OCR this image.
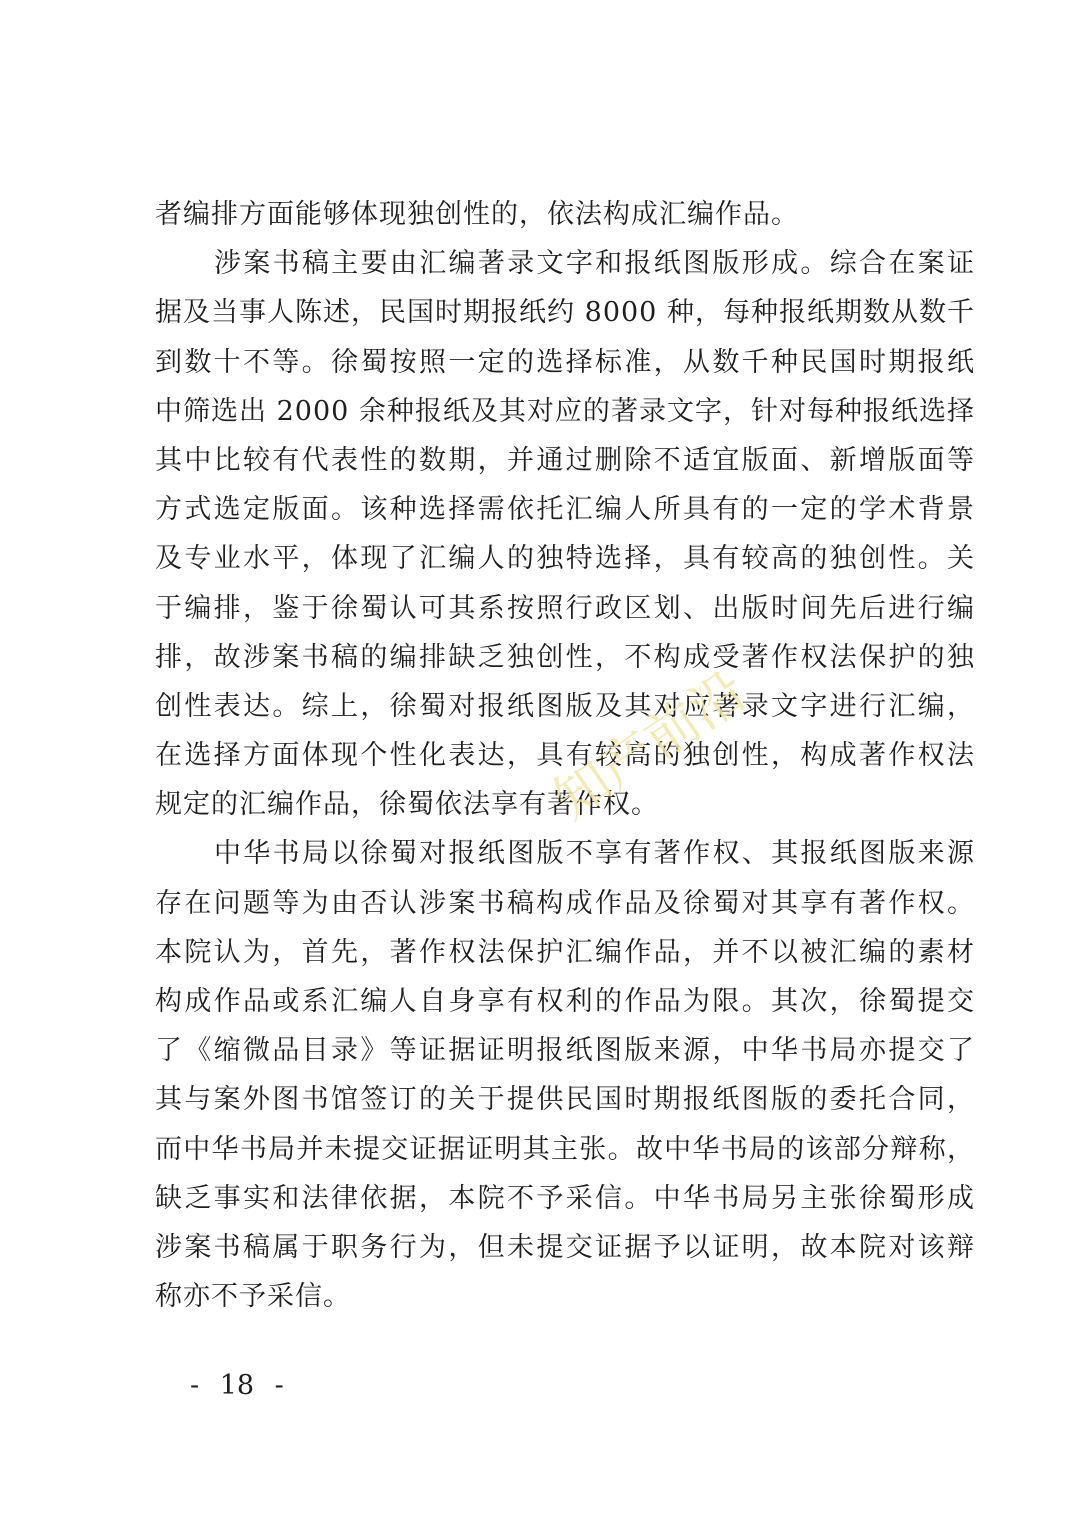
者编排方面能够体现独创性的，依法构成汇编作品。
涉案书稿主要由汇编著录文字和报纸图版形成。综合在案证
据及当事人陈述，民国时期报纸约 8000 种，每种报纸期数从数千
到数十不等。徐蜀按照一定的选择标准，从数千种民国时期报纸
中筛选出 2000 余种报纸及其对应的著录文字，针对每种报纸选择
其中比较有代表性的数期，并通过删除不适宜版面、新增版面等
方式选定版面。该种选择需依托汇编人所具有的一定的学术背景
及专业水平，体现了汇编人的独特选择，具有较高的独创性。关
于编排，鉴于徐蜀认可其系按照行政区划、出版时间先后进行编
排，故涉案书稿的编排缺乏独创性，不构成受著作权法保护的独
创性表达。综上，徐蜀对报纸图版及其对应著录文字进行汇编，
在选择方面体现个性化表达，具有较高的独创性，构成著作权法
规定的汇编作品，徐蜀依法享有著作权。
中华书局以徐蜀对报纸图版不享有著作权、其报纸图版来源
存在问题等为由否认涉案书稿构成作品及徐蜀对其享有著作权。
本院认为，首先，著作权法保护汇编作品，并不以被汇编的素材
构成作品或系汇编人自身享有权利的作品为限。其次，徐蜀提交
了《缩微品目录》等证据证明报纸图版来源，中华书局亦提交了
其与案外图书馆签订的关于提供民国时期报纸图版的委托合同，
而中华书局并未提交证据证明其主张。故中华书局的该部分辩称，
缺乏事实和法律依据，本院不予采信。中华书局另主张徐蜀形成
涉案书稿属于职务行为，但未提交证据予以证明，故本院对该辩
称亦不予采信。
知产前沿
- 18 -
